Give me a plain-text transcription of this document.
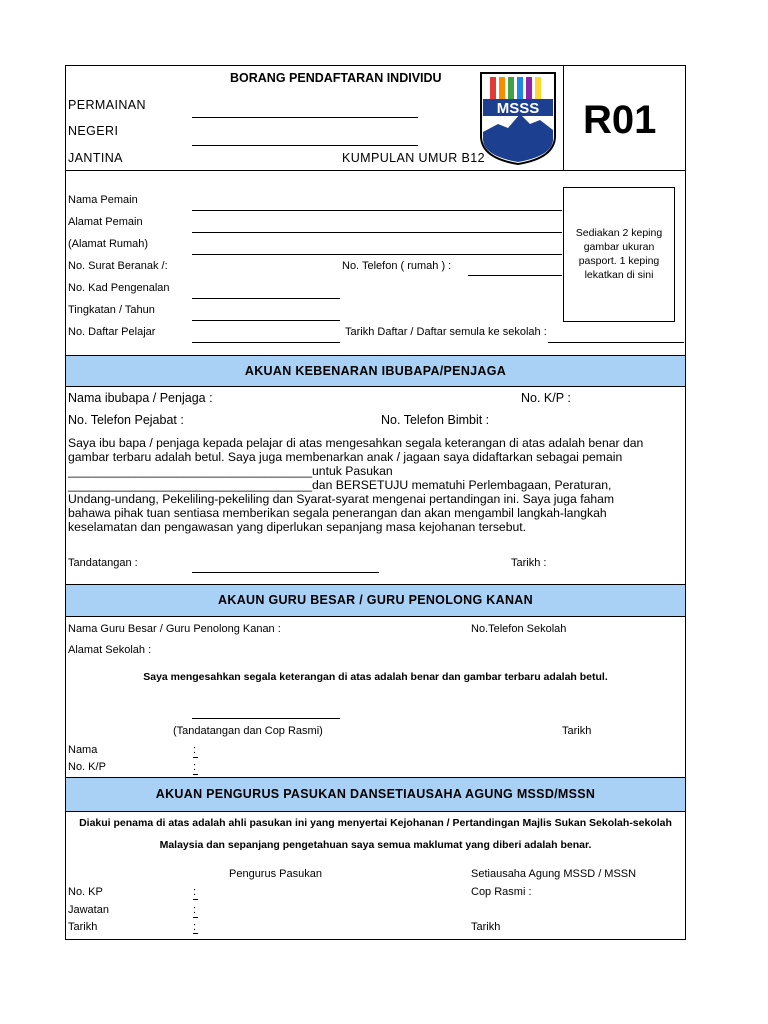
BORANG PENDAFTARAN INDIVIDU
PERMAINAN
NEGERI
JANTINA	KUMPULAN UMUR B12
MSSS R01
Nama Pemain
Alamat Pemain
(Alamat Rumah)
No. Surat Beranak /:	No. Telefon ( rumah ) :
No. Kad Pengenalan
Tingkatan / Tahun
No. Daftar Pelajar	Tarikh Daftar / Daftar semula ke sekolah :
Sediakan 2 keping
gambar ukuran
pasport. 1 keping
lekatkan di sini
AKUAN KEBENARAN IBUBAPA/PENJAGA
Nama ibubapa / Penjaga :	No. K/P :
No. Telefon Pejabat :	No. Telefon Bimbit :
Saya ibu bapa / penjaga kepada pelajar di atas mengesahkan segala keterangan di atas adalah benar dan
gambar terbaru adalah betul. Saya juga membenarkan anak / jagaan saya didaftarkan sebagai pemain
____________________________________untuk Pasukan
____________________________________dan BERSETUJU mematuhi Perlembagaan, Peraturan,
Undang-undang, Pekeliling-pekeliling dan Syarat-syarat mengenai pertandingan ini. Saya juga faham
bahawa pihak tuan sentiasa memberikan segala penerangan dan akan mengambil langkah-langkah
keselamatan dan pengawasan yang diperlukan sepanjang masa kejohanan tersebut.
Tandatangan :	Tarikh :
AKAUN GURU BESAR / GURU PENOLONG KANAN
Nama Guru Besar / Guru Penolong Kanan :	No.Telefon Sekolah
Alamat Sekolah :
Saya mengesahkan segala keterangan di atas adalah benar dan gambar terbaru adalah betul.
(Tandatangan dan Cop Rasmi)	Tarikh
Nama	:
No. K/P	:
AKUAN PENGURUS PASUKAN DANSETIAUSAHA AGUNG MSSD/MSSN
Diakui penama di atas adalah ahli pasukan ini yang menyertai Kejohanan / Pertandingan Majlis Sukan Sekolah-sekolah
Malaysia dan sepanjang pengetahuan saya semua maklumat yang diberi adalah benar.
Pengurus Pasukan	Setiausaha Agung MSSD / MSSN
No. KP	:	Cop Rasmi :
Jawatan	:
Tarikh	:	Tarikh
